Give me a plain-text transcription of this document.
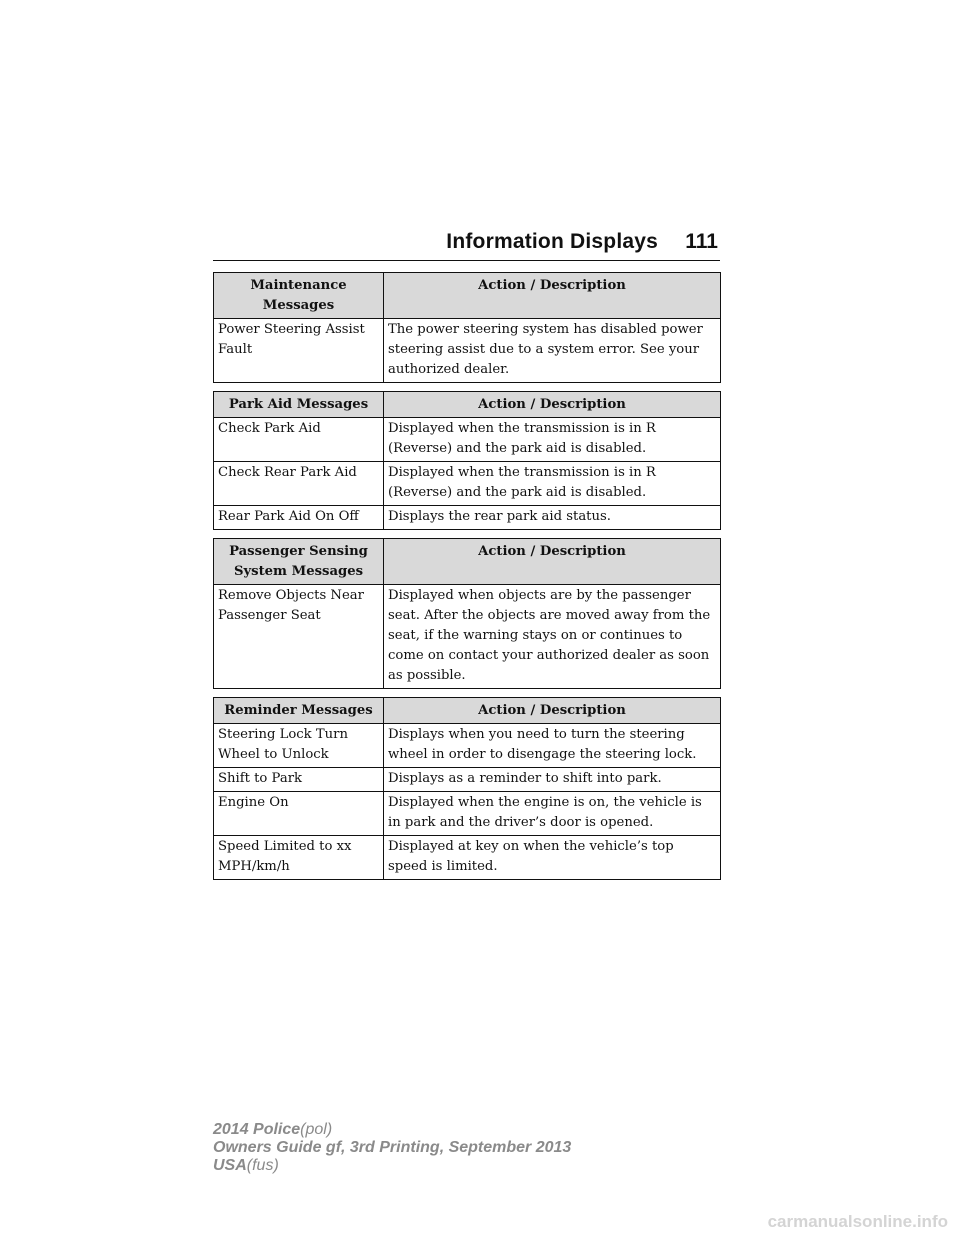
Information Displays 111
Maintenance Messages	Action / Description
Power Steering Assist Fault	The power steering system has disabled power steering assist due to a system error. See your authorized dealer.
Park Aid Messages	Action / Description
Check Park Aid	Displayed when the transmission is in R (Reverse) and the park aid is disabled.
Check Rear Park Aid	Displayed when the transmission is in R (Reverse) and the park aid is disabled.
Rear Park Aid On Off	Displays the rear park aid status.
Passenger Sensing System Messages	Action / Description
Remove Objects Near Passenger Seat	Displayed when objects are by the passenger seat. After the objects are moved away from the seat, if the warning stays on or continues to come on contact your authorized dealer as soon as possible.
Reminder Messages	Action / Description
Steering Lock Turn Wheel to Unlock	Displays when you need to turn the steering wheel in order to disengage the steering lock.
Shift to Park	Displays as a reminder to shift into park.
Engine On	Displayed when the engine is on, the vehicle is in park and the driver’s door is opened.
Speed Limited to xx MPH/km/h	Displayed at key on when the vehicle’s top speed is limited.
2014 Police(pol)
Owners Guide gf, 3rd Printing, September 2013
USA(fus)
carmanualsonline.info
